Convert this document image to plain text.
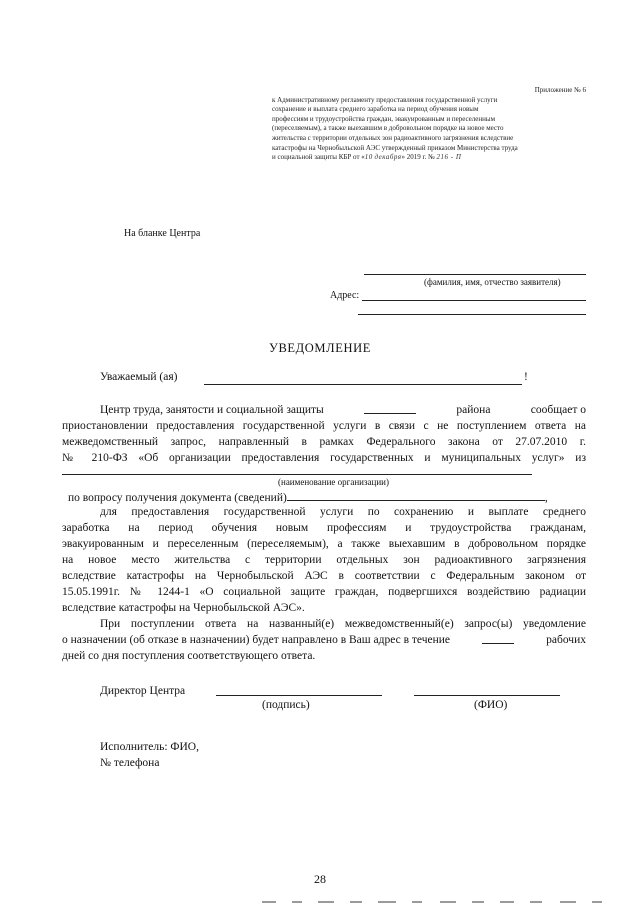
Приложение № 6
к Административному регламенту предоставления государственной услуги
сохранение и выплата среднего заработка на период обучения новым
профессиям и трудоустройства граждан, эвакуированным и переселенным
(переселяемым), а также выехавшим в добровольном порядке на новое место
жительства с территории отдельных зон радиоактивного загрязнения вследствие
катастрофы на Чернобыльской АЭС утвержденный приказом Министерства труда
и социальной защиты КБР от «10 декабря» 2019 г. № 216 - П
На бланке Центра
(фамилия, имя, отчество заявителя)
Адрес:
УВЕДОМЛЕНИЕ
Уважаемый (ая)	!
Центр труда, занятости и социальной защиты	района	сообщает о
приостановлении предоставления государственной услуги в связи с не поступлением ответа на
межведомственный запрос, направленный в рамках Федерального закона от 27.07.2010 г.
№ 210-ФЗ «Об организации предоставления государственных и муниципальных услуг» из
(наименование организации)
по вопросу получения документа (сведений)	,
для предоставления государственной услуги по сохранению и выплате среднего
заработка на период обучения новым профессиям и трудоустройства гражданам,
эвакуированным и переселенным (переселяемым), а также выехавшим в добровольном порядке
на новое место жительства с территории отдельных зон радиоактивного загрязнения
вследствие катастрофы на Чернобыльской АЭС в соответствии с Федеральным законом от
15.05.1991г. № 1244-1 «О социальной защите граждан, подвергшихся воздействию радиации
вследствие катастрофы на Чернобыльской АЭС».
При поступлении ответа на названный(е) межведомственный(е) запрос(ы) уведомление
о назначении (об отказе в назначении) будет направлено в Ваш адрес в течение	рабочих
дней со дня поступления соответствующего ответа.
Директор Центра
(подпись)	(ФИО)
Исполнитель: ФИО,
№ телефона
28
